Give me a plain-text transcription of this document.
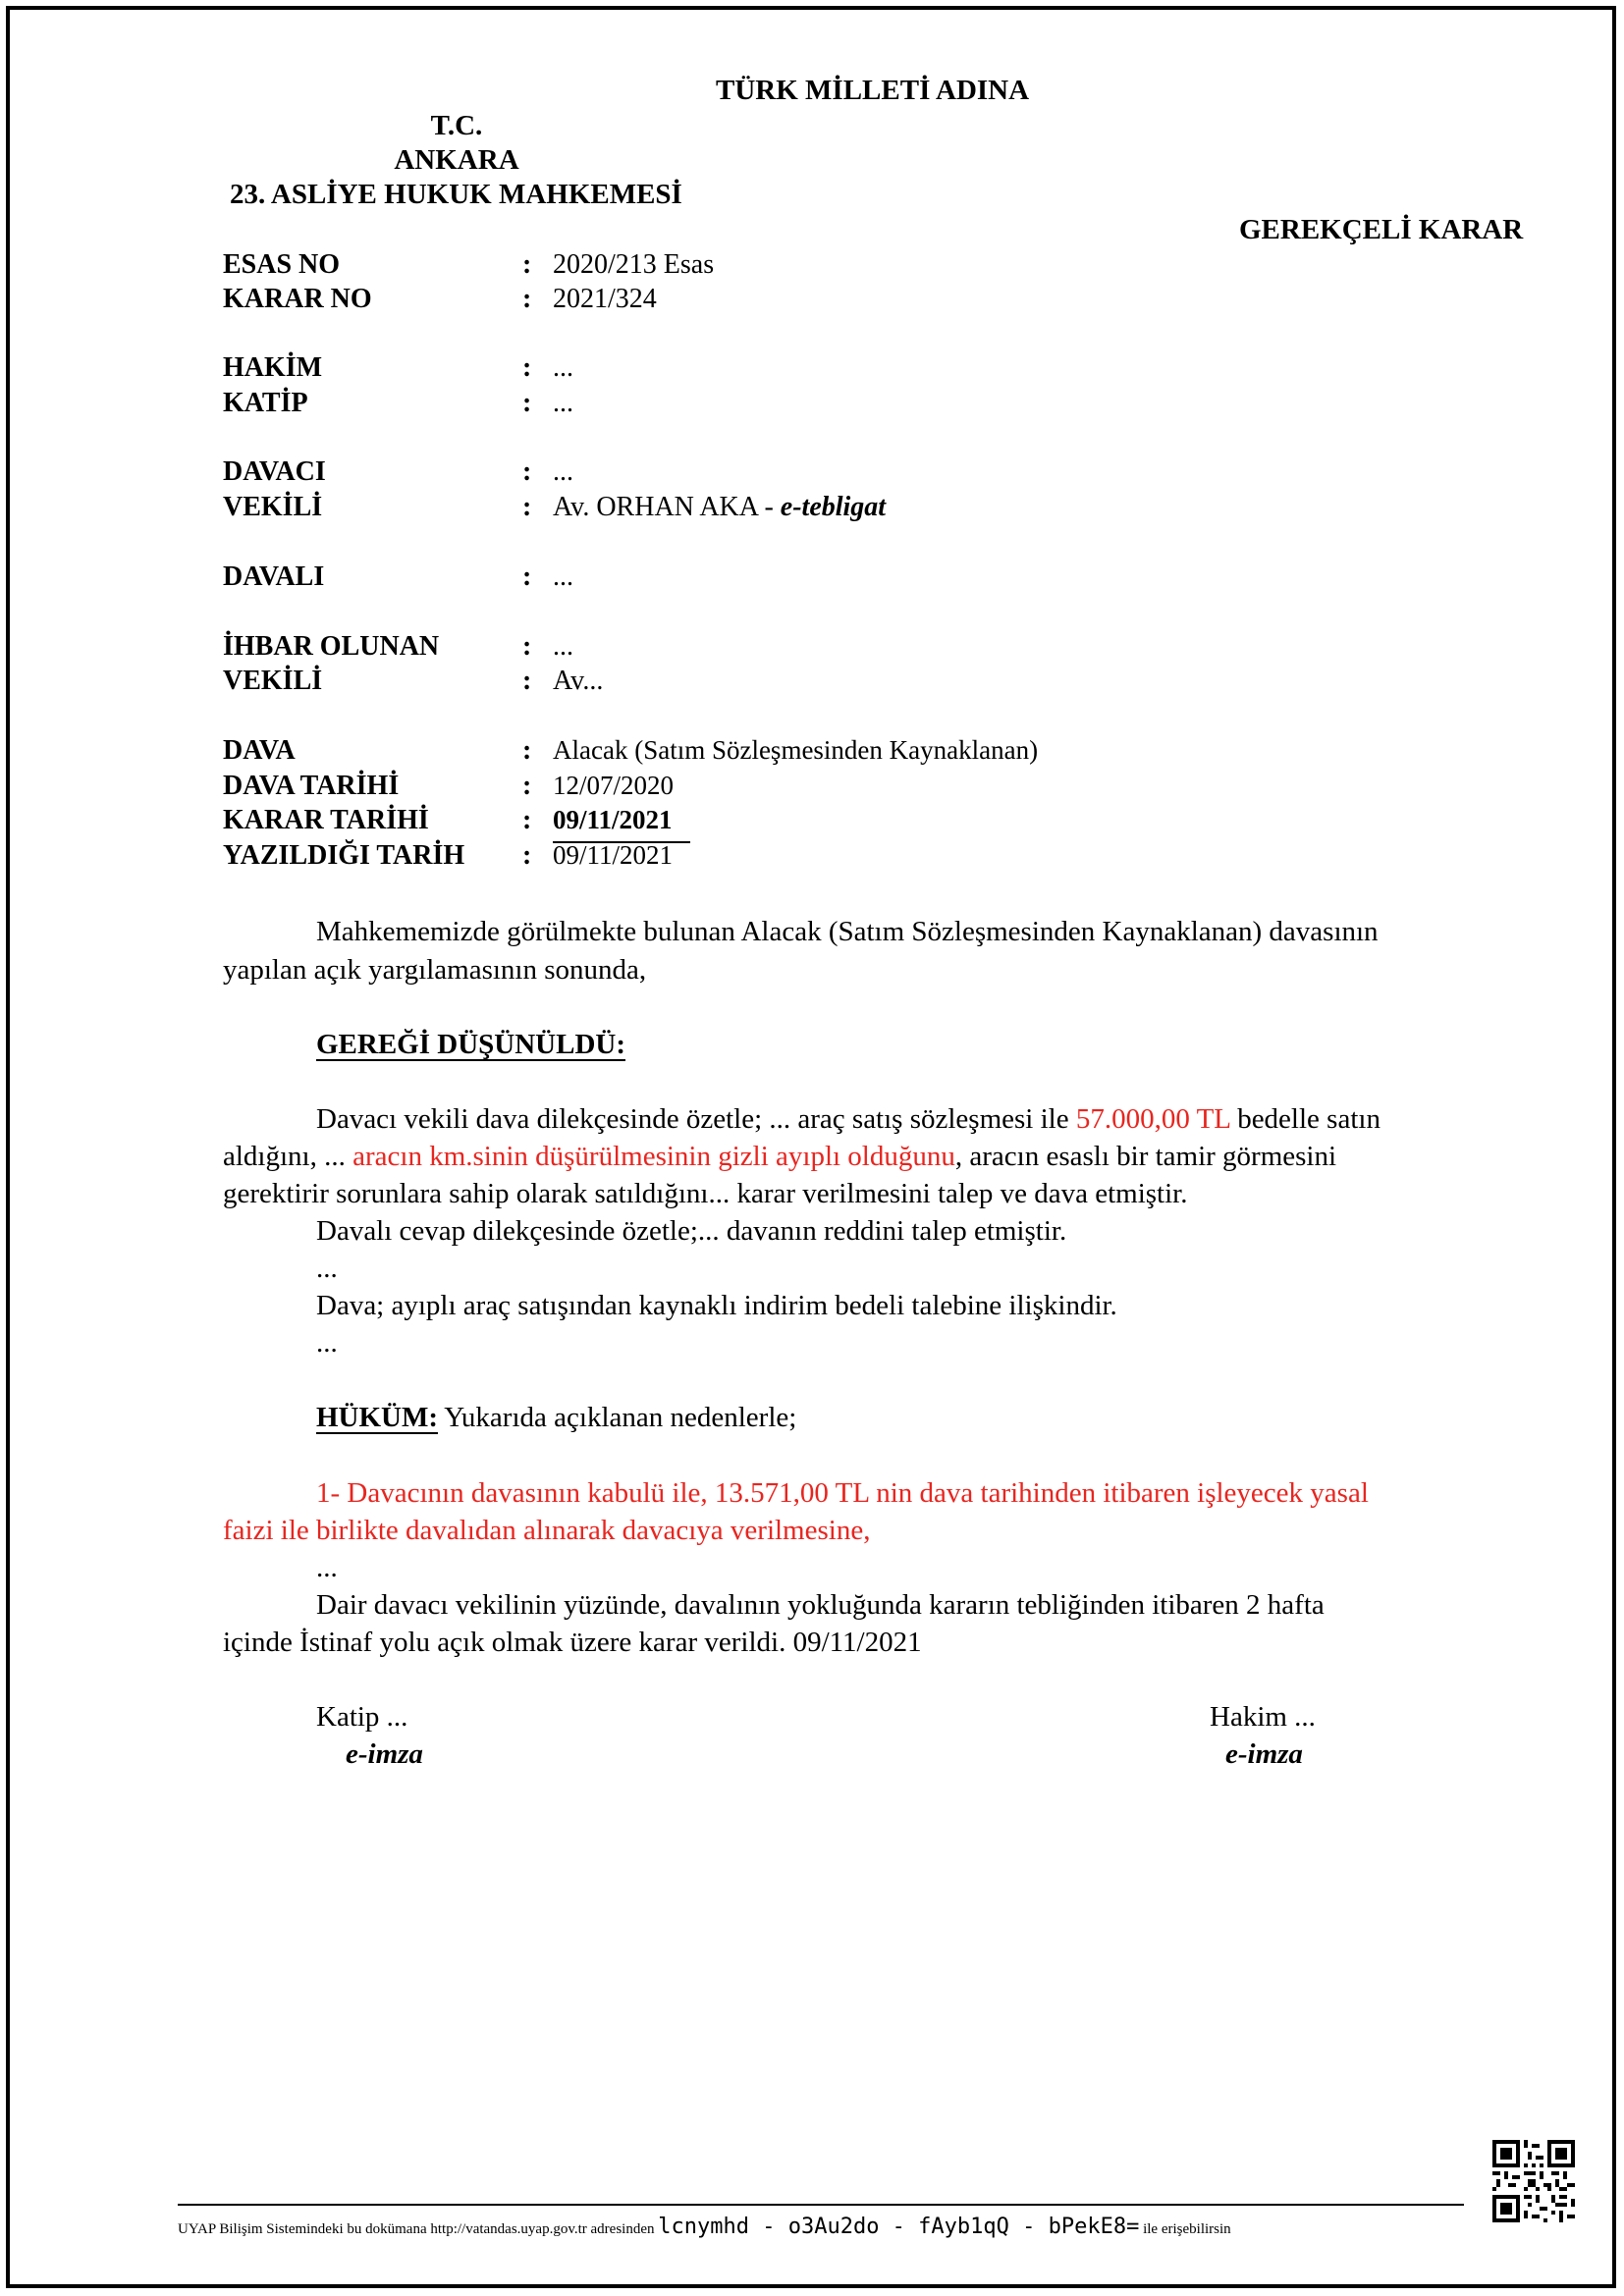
TÜRK MİLLETİ ADINA
T.C.
ANKARA
23. ASLİYE HUKUK MAHKEMESİ
GEREKÇELİ KARAR
ESAS NO	: 2020/213 Esas
KARAR NO	: 2021/324
HAKİM	: ...
KATİP	: ...
DAVACI	: ...
VEKİLİ	: Av. ORHAN AKA - e-tebligat
DAVALI	: ...
İHBAR OLUNAN	: ...
VEKİLİ	: Av...
DAVA	: Alacak (Satım Sözleşmesinden Kaynaklanan)
DAVA TARİHİ	: 12/07/2020
KARAR TARİHİ	: 09/11/2021
YAZILDIĞI TARİH : 09/11/2021
Mahkememizde görülmekte bulunan Alacak (Satım Sözleşmesinden Kaynaklanan) davasının
yapılan açık yargılamasının sonunda,
GEREĞİ DÜŞÜNÜLDÜ:
Davacı vekili dava dilekçesinde özetle; ... araç satış sözleşmesi ile 57.000,00 TL bedelle satın
aldığını, ... aracın km.sinin düşürülmesinin gizli ayıplı olduğunu, aracın esaslı bir tamir görmesini
gerektirir sorunlara sahip olarak satıldığını... karar verilmesini talep ve dava etmiştir.
Davalı cevap dilekçesinde özetle;... davanın reddini talep etmiştir.
...
Dava; ayıplı araç satışından kaynaklı indirim bedeli talebine ilişkindir.
...
HÜKÜM: Yukarıda açıklanan nedenlerle;
1- Davacının davasının kabulü ile, 13.571,00 TL nin dava tarihinden itibaren işleyecek yasal
faizi ile birlikte davalıdan alınarak davacıya verilmesine,
...
Dair davacı vekilinin yüzünde, davalının yokluğunda kararın tebliğinden itibaren 2 hafta
içinde İstinaf yolu açık olmak üzere karar verildi. 09/11/2021
Katip ...
e-imza
Hakim ...
e-imza
UYAP Bilişim Sistemindeki bu dokümana http://vatandas.uyap.gov.tr adresinden lcnymhd - o3Au2do - fAyb1qQ - bPekE8= ile erişebilirsin
